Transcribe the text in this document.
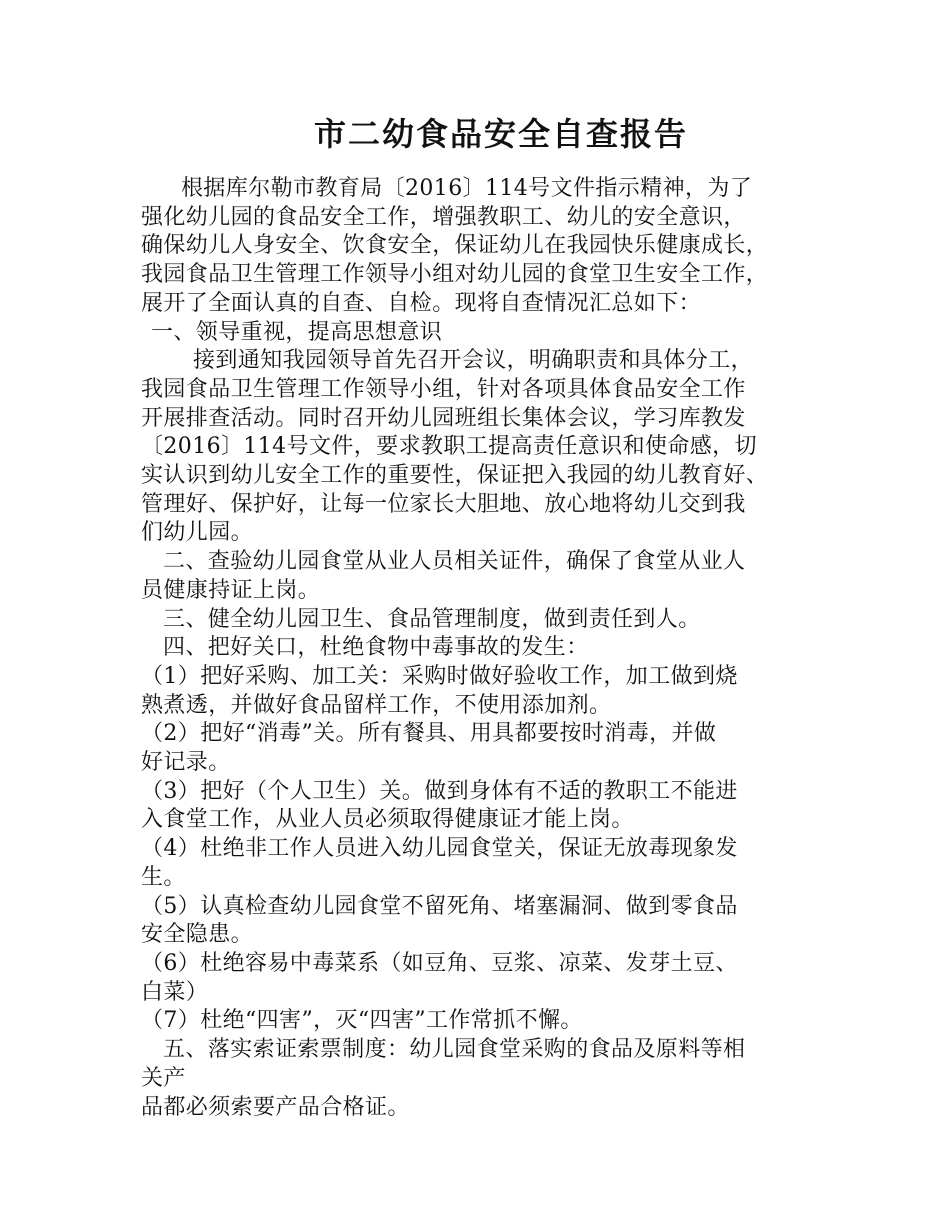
市二幼食品安全自查报告

根据库尔勒市教育局〔2016〕114号文件指示精神，为了
强化幼儿园的食品安全工作，增强教职工、幼儿的安全意识，
确保幼儿人身安全、饮食安全，保证幼儿在我园快乐健康成长，
我园食品卫生管理工作领导小组对幼儿园的食堂卫生安全工作，
展开了全面认真的自查、自检。现将自查情况汇总如下：

一、领导重视，提高思想意识

接到通知我园领导首先召开会议，明确职责和具体分工，
我园食品卫生管理工作领导小组，针对各项具体食品安全工作
开展排查活动。同时召开幼儿园班组长集体会议，学习库教发
〔2016〕114号文件，要求教职工提高责任意识和使命感，切
实认识到幼儿安全工作的重要性，保证把入我园的幼儿教育好、
管理好、保护好，让每一位家长大胆地、放心地将幼儿交到我
们幼儿园。

二、查验幼儿园食堂从业人员相关证件，确保了食堂从业人
员健康持证上岗。

三、健全幼儿园卫生、食品管理制度，做到责任到人。

四、把好关口，杜绝食物中毒事故的发生：

（1）把好采购、加工关：采购时做好验收工作，加工做到烧
熟煮透，并做好食品留样工作，不使用添加剂。

（2）把好“消毒”关。所有餐具、用具都要按时消毒，并做
好记录。

（3）把好（个人卫生）关。做到身体有不适的教职工不能进
入食堂工作，从业人员必须取得健康证才能上岗。

（4）杜绝非工作人员进入幼儿园食堂关，保证无放毒现象发
生。

（5）认真检查幼儿园食堂不留死角、堵塞漏洞、做到零食品
安全隐患。

（6）杜绝容易中毒菜系（如豆角、豆浆、凉菜、发芽土豆、
白菜）

（7）杜绝“四害”，灭“四害”工作常抓不懈。

五、落实索证索票制度：幼儿园食堂采购的食品及原料等相
关产
品都必须索要产品合格证。
